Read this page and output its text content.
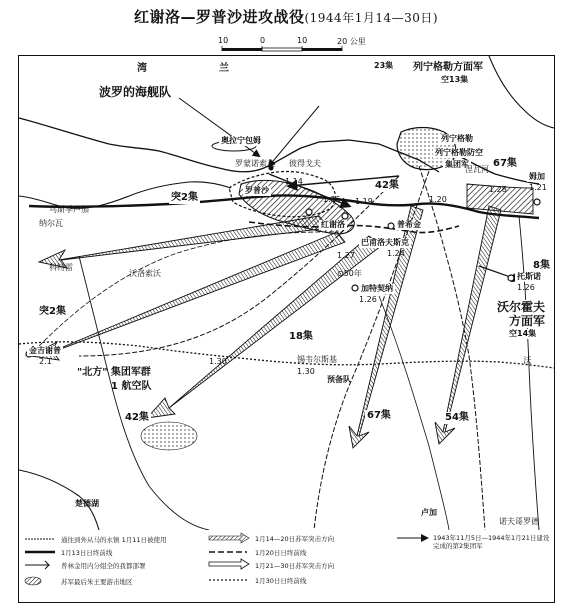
红谢洛—罗普沙进攻战役(1944年1月14—30日)
10	0	10	20 公里
湾	兰
波罗的海舰队
23集 列宁格勒方面军
空13集
列宁格勒
列宁格勒防空
集团军 67集
42集
突2集
突2集	沃尔霍夫
方面军
空14集
8集
54集
67集
42集
"北方" 集团军群
1 航空队
18集
金吉谢普
2.1
奥拉宁包姆
罗普沙
红谢洛	普希金
巴甫洛夫斯克
加特契纳
1.26
托斯诺
1.26
姆加
1.21
沃洛索沃
卢加
彼得戈夫
罗蒙诺索夫
乌斯季卢加
楚德湖
纳尔瓦
诺夫哥罗德
科特雷
1.27
锡韦尔斯基
1.30
⊙50年
1.14
1.15 1.19	1.20
1.24
1.28
1.30
预备队
沃
涅瓦河
通往到外从马的永镇 1月11日被使用
1月13日日终前线
普林金用内分组全的我都部署
苏军最后朱王要游击地区
1月14—20日苏军突击方向
1月20日日终前线
1月21—30日苏军突击方向
1月30日日终前线
1943年11月5日—1944年1月21日建设完成的第2集团军
